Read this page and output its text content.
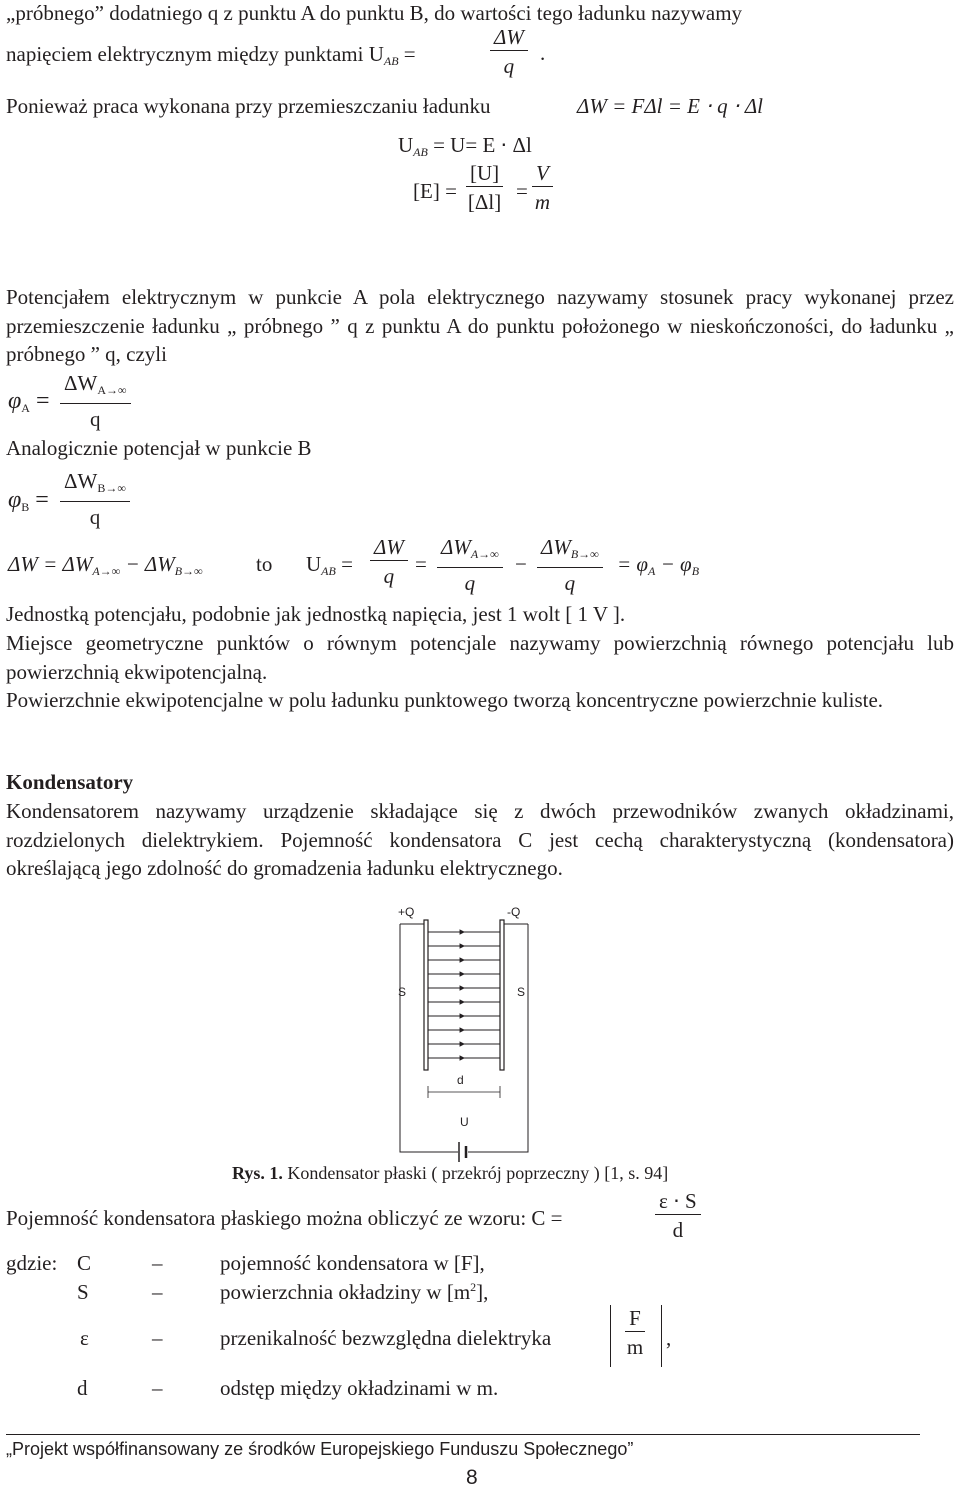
„próbnego” dodatniego q z punktu A do punktu B, do wartości tego ładunku nazywamy
napięciem elektrycznym między punktami $U_{AB}$ =	$\frac{\Delta W}{q}$ .
Ponieważ praca wykonana przy przemieszczaniu ładunku	ΔW = FΔl = E ⋅ q ⋅ Δl
$U_{AB} = U= E \cdot \Delta l$
$[E] = \frac{[U]}{[\Delta l]} = \frac{V}{m}$
Potencjałem elektrycznym w punkcie A pola elektrycznego nazywamy stosunek pracy wykonanej przez przemieszczenie ładunku „ próbnego ” q z punktu A do punktu położonego w nieskończoności, do ładunku „ próbnego ” q, czyli
$\varphi_A$ =
$\Delta W_{A\to\infty}$
q
Analogicznie potencjał w punkcie B
$\varphi_B$ =
$\Delta W_{B\to\infty}$
q
$\Delta W = \Delta W_{A\to\infty} - \Delta W_{B\to\infty}$	to $U_{AB} = \frac{\Delta W}{q}$ =
$\Delta W_{A\to\infty}$
q
−
$\Delta W_{B\to\infty}$
q
= $\varphi_A - \varphi_B$
Jednostką potencjału, podobnie jak jednostką napięcia, jest 1 wolt [ 1 V ].
Miejsce geometryczne punktów o równym potencjale nazywamy powierzchnią równego potencjału lub powierzchnią ekwipotencjalną.
Powierzchnie ekwipotencjalne w polu ładunku punktowego tworzą koncentryczne powierzchnie kuliste.
Kondensatory
Kondensatorem nazywamy urządzenie składające się z dwóch przewodników zwanych okładzinami, rozdzielonych dielektrykiem. Pojemność kondensatora C jest cechą charakterystyczną (kondensatora) określającą jego zdolność do gromadzenia ładunku elektrycznego.
+Q	-Q
S	S
d
U
Rys. 1. Kondensator płaski ( przekrój poprzeczny ) [1, s. 94]
Pojemność kondensatora płaskiego można obliczyć ze wzoru: C =	$\frac{\varepsilon \cdot S}{d}$
gdzie: C	–	pojemność kondensatora w [F],
S	–	powierzchnia okładziny w $[m^2]$,
ε	–	przenikalność bezwzględna dielektryka	$\frac{F}{m}$ ,
d	–	odstęp między okładzinami w m.
„Projekt współfinansowany ze środków Europejskiego Funduszu Społecznego”
8
